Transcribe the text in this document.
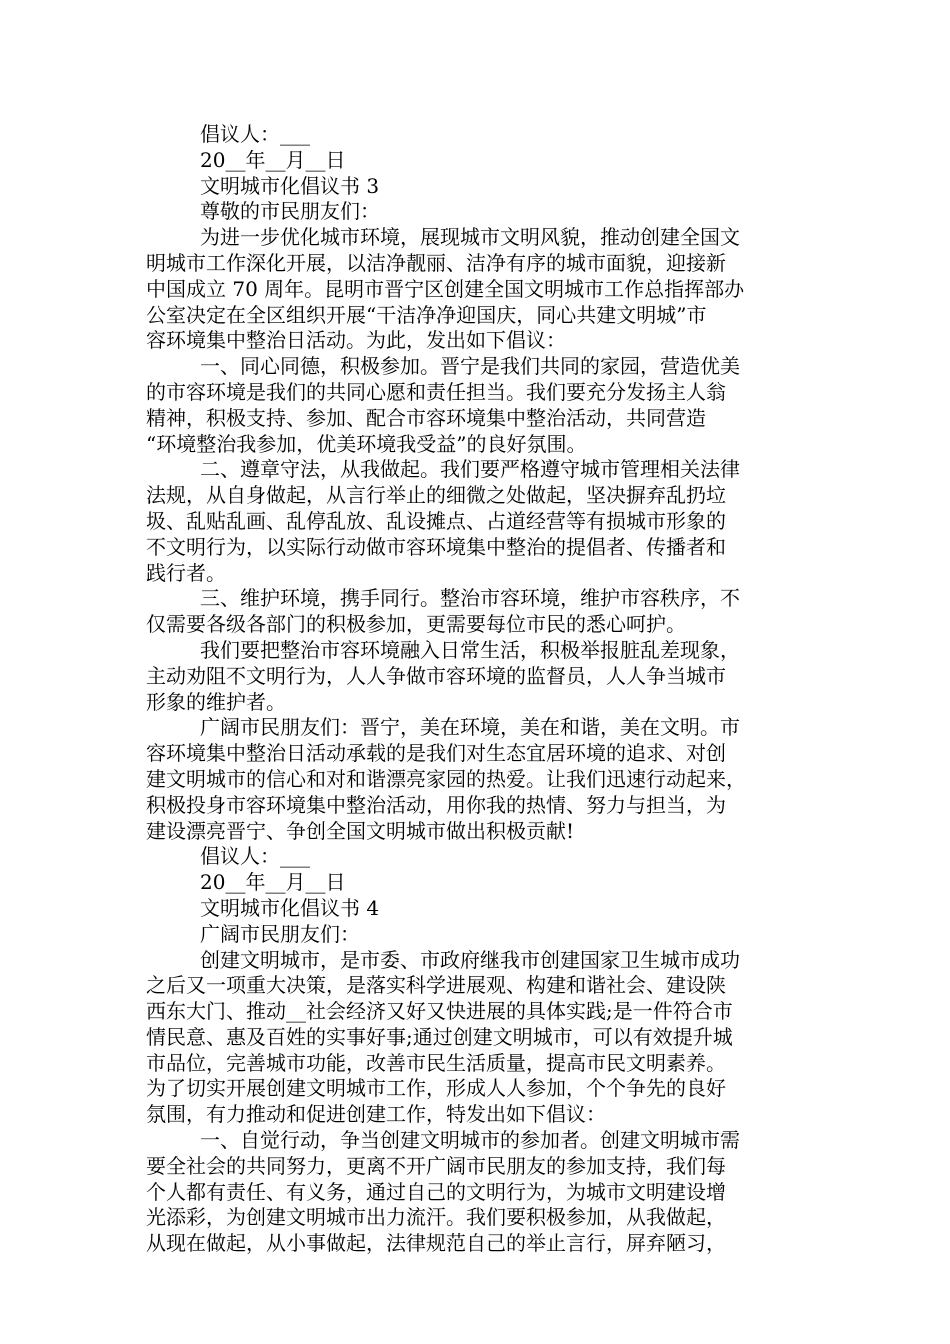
倡议人：___
20__年__月__日
文明城市化倡议书 3
尊敬的市民朋友们：
为进一步优化城市环境，展现城市文明风貌，推动创建全国文
明城市工作深化开展，以洁净靓丽、洁净有序的城市面貌，迎接新
中国成立 70 周年。昆明市晋宁区创建全国文明城市工作总指挥部办
公室决定在全区组织开展“干洁净净迎国庆，同心共建文明城”市
容环境集中整治日活动。为此，发出如下倡议：
一、同心同德，积极参加。晋宁是我们共同的家园，营造优美
的市容环境是我们的共同心愿和责任担当。我们要充分发扬主人翁
精神，积极支持、参加、配合市容环境集中整治活动，共同营造
“环境整治我参加，优美环境我受益”的良好氛围。
二、遵章守法，从我做起。我们要严格遵守城市管理相关法律
法规，从自身做起，从言行举止的细微之处做起，坚决摒弃乱扔垃
圾、乱贴乱画、乱停乱放、乱设摊点、占道经营等有损城市形象的
不文明行为，以实际行动做市容环境集中整治的提倡者、传播者和
践行者。
三、维护环境，携手同行。整治市容环境，维护市容秩序，不
仅需要各级各部门的积极参加，更需要每位市民的悉心呵护。
我们要把整治市容环境融入日常生活，积极举报脏乱差现象，
主动劝阻不文明行为，人人争做市容环境的监督员，人人争当城市
形象的维护者。
广阔市民朋友们：晋宁，美在环境，美在和谐，美在文明。市
容环境集中整治日活动承载的是我们对生态宜居环境的追求、对创
建文明城市的信心和对和谐漂亮家园的热爱。让我们迅速行动起来，
积极投身市容环境集中整治活动，用你我的热情、努力与担当，为
建设漂亮晋宁、争创全国文明城市做出积极贡献!
倡议人：___
20__年__月__日
文明城市化倡议书 4
广阔市民朋友们：
创建文明城市，是市委、市政府继我市创建国家卫生城市成功
之后又一项重大决策，是落实科学进展观、构建和谐社会、建设陕
西东大门、推动__社会经济又好又快进展的具体实践;是一件符合市
情民意、惠及百姓的实事好事;通过创建文明城市，可以有效提升城
市品位，完善城市功能，改善市民生活质量，提高市民文明素养。
为了切实开展创建文明城市工作，形成人人参加，个个争先的良好
氛围，有力推动和促进创建工作，特发出如下倡议：
一、自觉行动，争当创建文明城市的参加者。创建文明城市需
要全社会的共同努力，更离不开广阔市民朋友的参加支持，我们每
个人都有责任、有义务，通过自己的文明行为，为城市文明建设增
光添彩，为创建文明城市出力流汗。我们要积极参加，从我做起，
从现在做起，从小事做起，法律规范自己的举止言行，屏弃陋习，
